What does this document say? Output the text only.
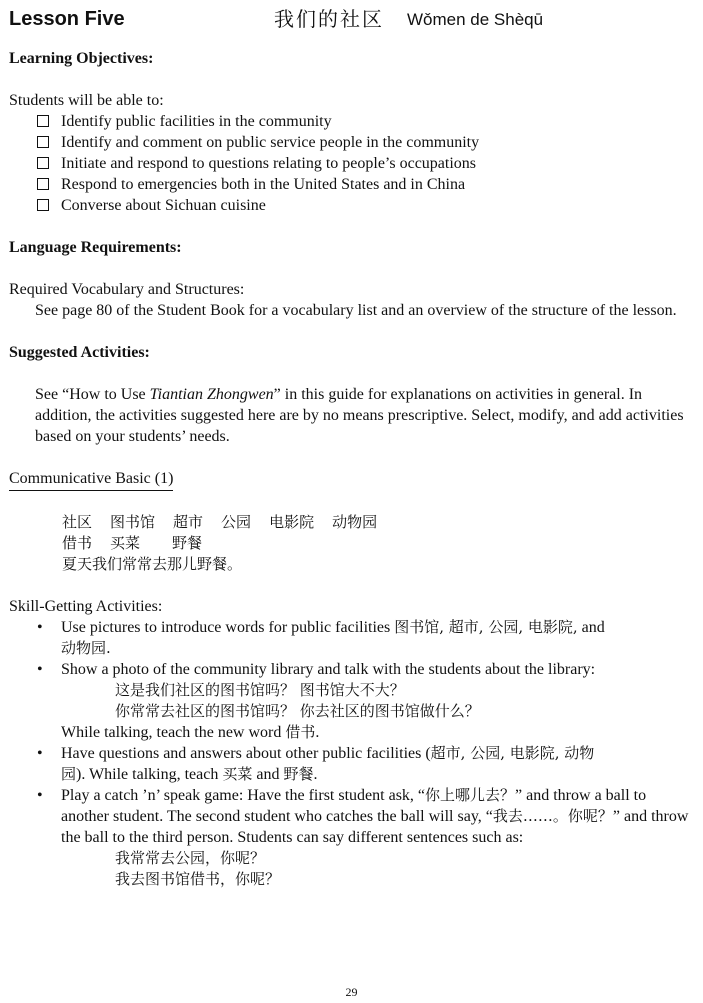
Lesson Five	我们的社区 Wǒmen de Shèqū

Learning Objectives:

Students will be able to:

Identify public facilities in the community
Identify and comment on public service people in the community
Initiate and respond to questions relating to people’s occupations
Respond to emergencies both in the United States and in China
Converse about Sichuan cuisine

Language Requirements:

Required Vocabulary and Structures:

See page 80 of the Student Book for a vocabulary list and an overview of the structure of the lesson.

Suggested Activities:

See “How to Use Tiantian Zhongwen” in this guide for explanations on activities in general. In addition, the activities suggested here are by no means prescriptive. Select, modify, and add activities based on your students’ needs.

Communicative Basic (1)
社区 图书馆 超市 公园 电影院 动物园
借书 买菜 野餐
夏天我们常常去那儿野餐。

Skill-Getting Activities:

• Use pictures to introduce words for public facilities 图书馆, 超市, 公园, 电影院, and
动物园.
• Show a photo of the community library and talk with the students about the library:
这是我们社区的图书馆吗？ 图书馆大不大？
你常常去社区的图书馆吗？ 你去社区的图书馆做什么？
While talking, teach the new word 借书.
• Have questions and answers about other public facilities (超市, 公园, 电影院, 动物
园). While talking, teach 买菜 and 野餐.
• Play a catch ’n’ speak game: Have the first student ask, “你上哪儿去？” and throw a ball to another student. The second student who catches the ball will say, “我去……。你呢？” and throw the ball to the third person. Students can say different sentences such as:
我常常去公园，你呢？
我去图书馆借书，你呢？
29
